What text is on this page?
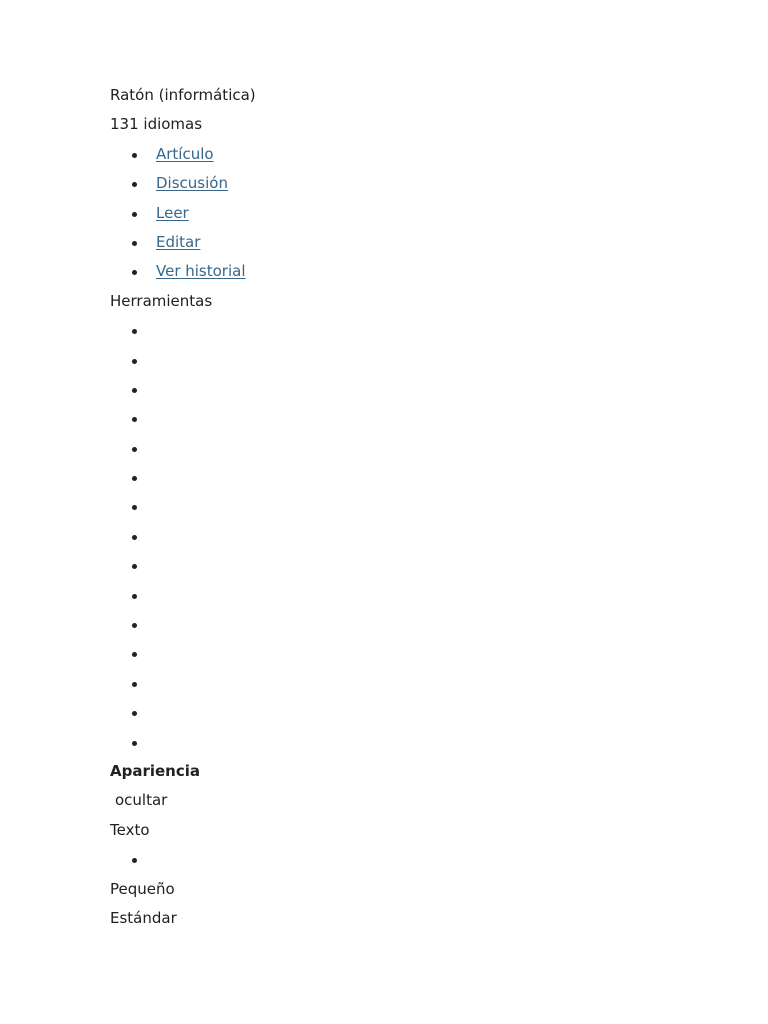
Ratón (informática)
131 idiomas
Artículo
Discusión
Leer
Editar
Ver historial
Herramientas
Apariencia
ocultar
Texto
Pequeño
Estándar
